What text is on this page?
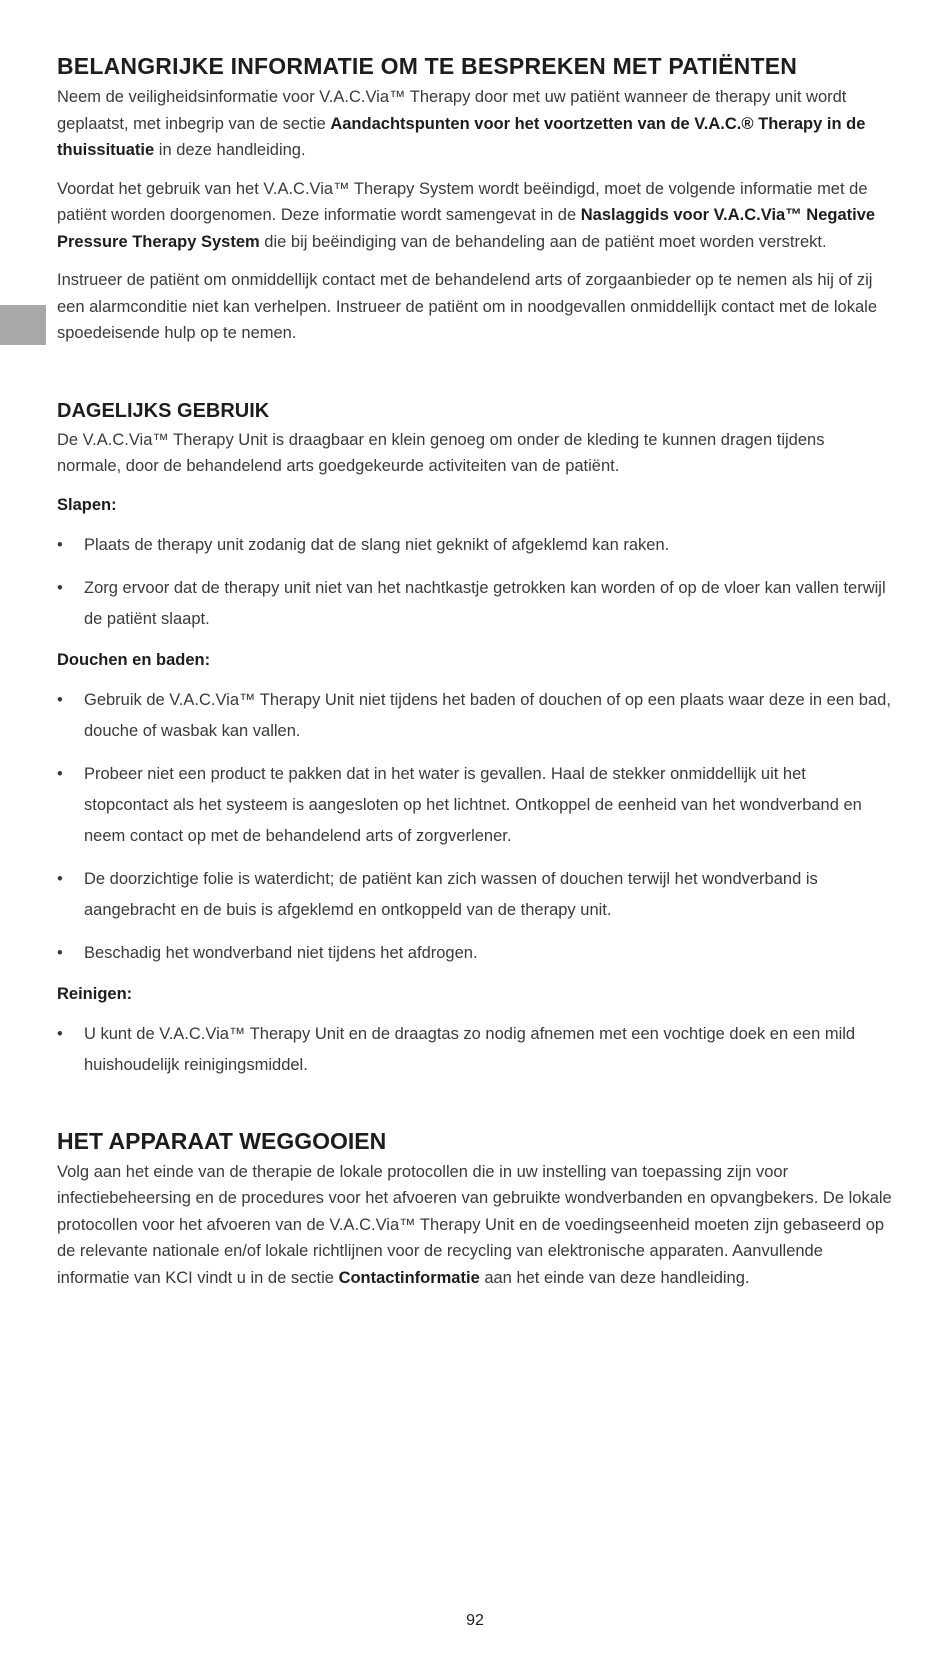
BELANGRIJKE INFORMATIE OM TE BESPREKEN MET PATIËNTEN

Neem de veiligheidsinformatie voor V.A.C.Via™ Therapy door met uw patiënt wanneer de therapy unit wordt geplaatst, met inbegrip van de sectie Aandachtspunten voor het voortzetten van de V.A.C.® Therapy in de thuissituatie in deze handleiding.

Voordat het gebruik van het V.A.C.Via™ Therapy System wordt beëindigd, moet de volgende informatie met de patiënt worden doorgenomen. Deze informatie wordt samengevat in de Naslaggids voor V.A.C.Via™ Negative Pressure Therapy System die bij beëindiging van de behandeling aan de patiënt moet worden verstrekt.

Instrueer de patiënt om onmiddellijk contact met de behandelend arts of zorgaanbieder op te nemen als hij of zij een alarmconditie niet kan verhelpen. Instrueer de patiënt om in noodgevallen onmiddellijk contact met de lokale spoedeisende hulp op te nemen.

DAGELIJKS GEBRUIK

De V.A.C.Via™ Therapy Unit is draagbaar en klein genoeg om onder de kleding te kunnen dragen tijdens normale, door de behandelend arts goedgekeurde activiteiten van de patiënt.

Slapen:
• Plaats de therapy unit zodanig dat de slang niet geknikt of afgeklemd kan raken.
• Zorg ervoor dat de therapy unit niet van het nachtkastje getrokken kan worden of op de vloer kan vallen terwijl de patiënt slaapt.
Douchen en baden:
• Gebruik de V.A.C.Via™ Therapy Unit niet tijdens het baden of douchen of op een plaats waar deze in een bad, douche of wasbak kan vallen.
• Probeer niet een product te pakken dat in het water is gevallen. Haal de stekker onmiddellijk uit het stopcontact als het systeem is aangesloten op het lichtnet. Ontkoppel de eenheid van het wondverband en neem contact op met de behandelend arts of zorgverlener.
• De doorzichtige folie is waterdicht; de patiënt kan zich wassen of douchen terwijl het wondverband is aangebracht en de buis is afgeklemd en ontkoppeld van de therapy unit.
• Beschadig het wondverband niet tijdens het afdrogen.
Reinigen:
• U kunt de V.A.C.Via™ Therapy Unit en de draagtas zo nodig afnemen met een vochtige doek en een mild huishoudelijk reinigingsmiddel.
HET APPARAAT WEGGOOIEN

Volg aan het einde van de therapie de lokale protocollen die in uw instelling van toepassing zijn voor infectiebeheersing en de procedures voor het afvoeren van gebruikte wondverbanden en opvangbekers. De lokale protocollen voor het afvoeren van de V.A.C.Via™ Therapy Unit en de voedingseenheid moeten zijn gebaseerd op de relevante nationale en/of lokale richtlijnen voor de recycling van elektronische apparaten. Aanvullende informatie van KCI vindt u in de sectie Contactinformatie aan het einde van deze handleiding.

92
